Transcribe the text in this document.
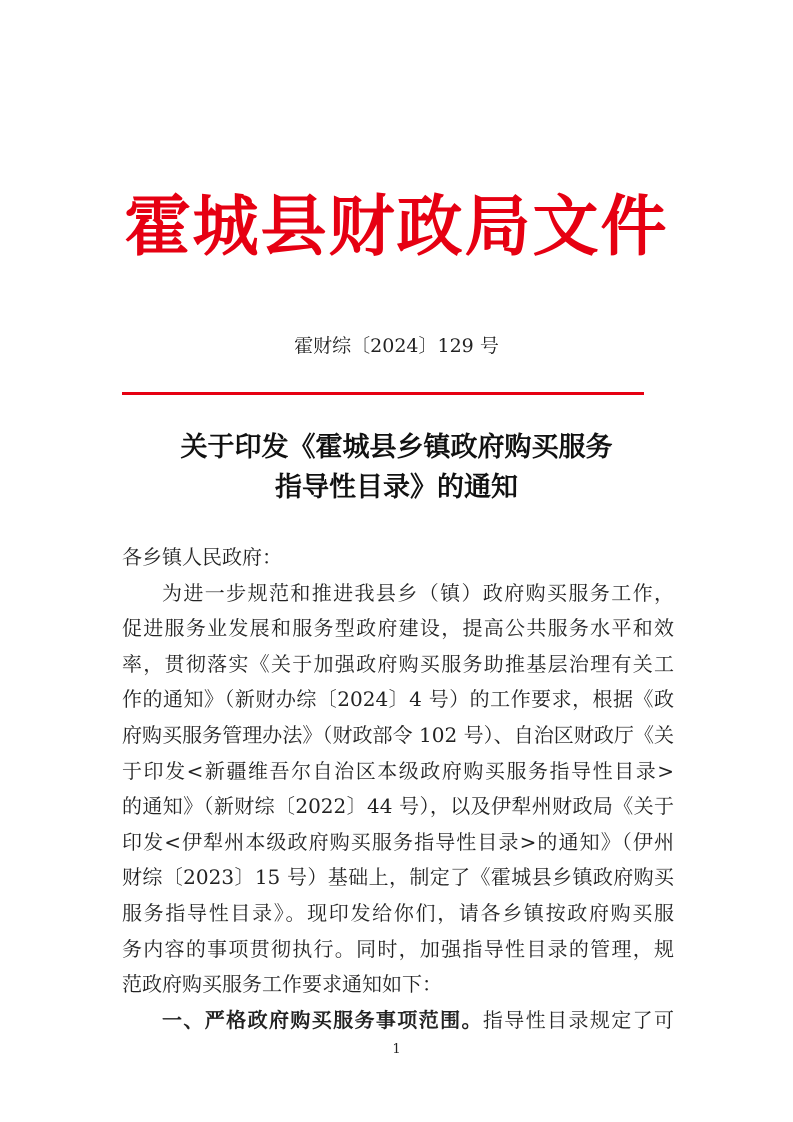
霍城县财政局文件
霍财综〔2024〕129 号
关于印发《霍城县乡镇政府购买服务
指导性目录》的通知

各乡镇人民政府：

为进一步规范和推进我县乡（镇）政府购买服务工作，
促进服务业发展和服务型政府建设，提高公共服务水平和效
率，贯彻落实《关于加强政府购买服务助推基层治理有关工
作的通知》（新财办综〔2024〕4 号）的工作要求，根据《政
府购买服务管理办法》（财政部令 102 号）、自治区财政厅《关
于印发<新疆维吾尔自治区本级政府购买服务指导性目录>
的通知》（新财综〔2022〕44 号），以及伊犁州财政局《关于
印发<伊犁州本级政府购买服务指导性目录>的通知》（伊州
财综〔2023〕15 号）基础上，制定了《霍城县乡镇政府购买
服务指导性目录》。现印发给你们，请各乡镇按政府购买服
务内容的事项贯彻执行。同时，加强指导性目录的管理，规
范政府购买服务工作要求通知如下：
一、严格政府购买服务事项范围。指导性目录规定了可
1
